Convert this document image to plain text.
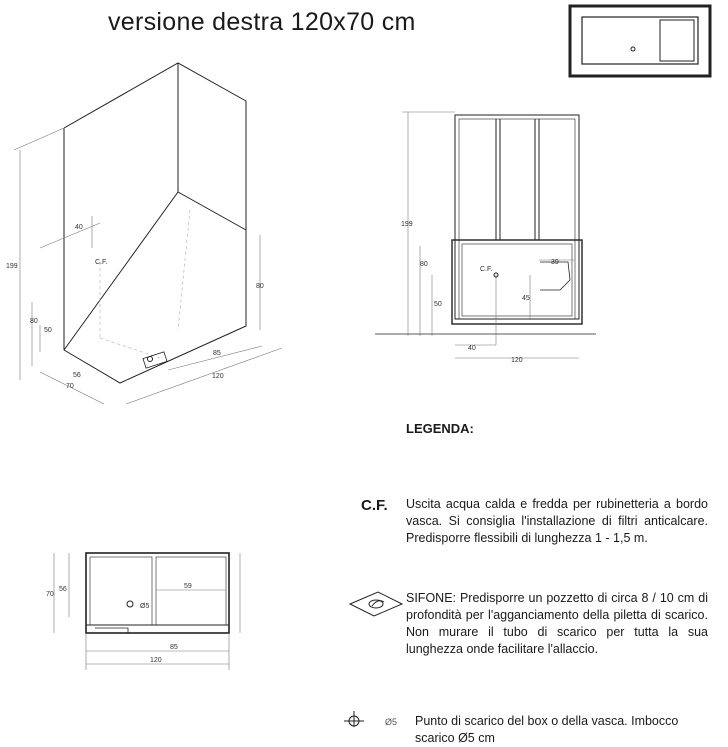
versione destra 120x70 cm
199
40
C.F.
80
50
80
56
70
85
120
199
C.F.
80
50
40
120
39
45
56
70
59
Ø5
85
120
LEGENDA:
C.F. Uscita acqua calda e fredda per rubinetteria a bordo vasca. Si consiglia l'installazione di filtri anticalcare. Predisporre flessibili di lunghezza 1 - 1,5 m.
SIFONE: Predisporre un pozzetto di circa 8 / 10 cm di profondità per l'agganciamento della piletta di scarico. Non murare il tubo di scarico per tutta la sua lunghezza onde facilitare l'allaccio.
Ø5 Punto di scarico del box o della vasca. Imbocco scarico Ø5 cm
